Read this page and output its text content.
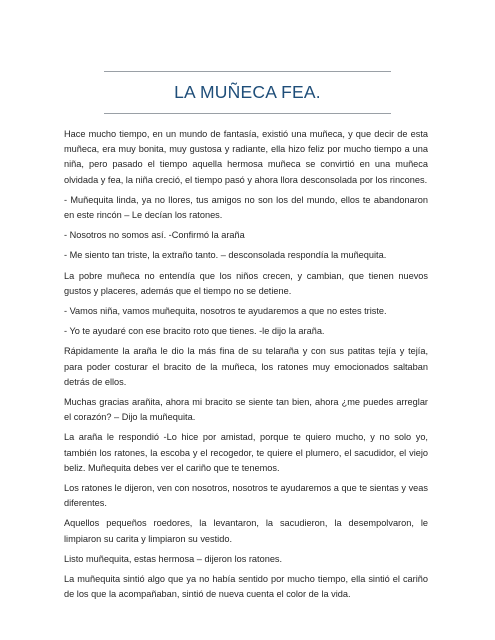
LA MUÑECA FEA.

Hace mucho tiempo, en un mundo de fantasía, existió una muñeca, y que decir de esta muñeca, era muy bonita, muy gustosa y radiante, ella hizo feliz por mucho tiempo a una niña, pero pasado el tiempo aquella hermosa muñeca se convirtió en una muñeca olvidada y fea, la niña creció, el tiempo pasó y ahora llora desconsolada por los rincones.

- Muñequita linda, ya no llores, tus amigos no son los del mundo, ellos te abandonaron en este rincón – Le decían los ratones.

- Nosotros no somos así. -Confirmó la araña

- Me siento tan triste, la extraño tanto. – desconsolada respondía la muñequita.

La pobre muñeca no entendía que los niños crecen, y cambian, que tienen nuevos gustos y placeres, además que el tiempo no se detiene.

- Vamos niña, vamos muñequita, nosotros te ayudaremos a que no estes triste.

- Yo te ayudaré con ese bracito roto que tienes. -le dijo la araña.

Rápidamente la araña le dio la más fina de su telaraña y con sus patitas tejía y tejía, para poder costurar el bracito de la muñeca, los ratones muy emocionados saltaban detrás de ellos.

Muchas gracias arañita, ahora mi bracito se siente tan bien, ahora ¿me puedes arreglar el corazón? – Dijo la muñequita.

La araña le respondió -Lo hice por amistad, porque te quiero mucho, y no solo yo, también los ratones, la escoba y el recogedor, te quiere el plumero, el sacudidor, el viejo beliz. Muñequita debes ver el cariño que te tenemos.

Los ratones le dijeron, ven con nosotros, nosotros te ayudaremos a que te sientas y veas diferentes.

Aquellos pequeños roedores, la levantaron, la sacudieron, la desempolvaron, le limpiaron su carita y limpiaron su vestido.

Listo muñequita, estas hermosa – dijeron los ratones.

La muñequita sintió algo que ya no había sentido por mucho tiempo, ella sintió el cariño de los que la acompañaban, sintió de nueva cuenta el color de la vida.
